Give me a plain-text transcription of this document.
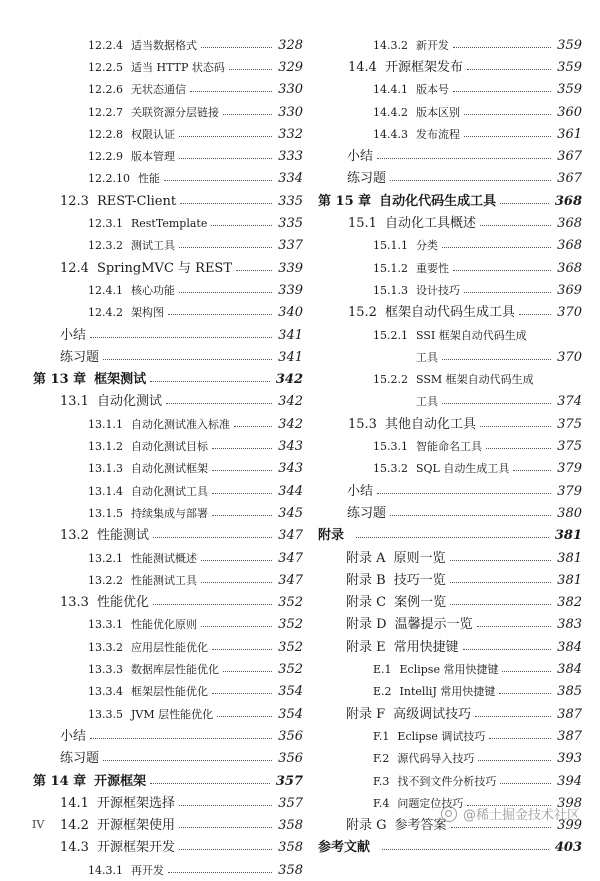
12.2.4 适当数据格式	328
12.2.5 适当 HTTP 状态码	329
12.2.6 无状态通信	330
12.2.7 关联资源分层链接	330
12.2.8 权限认证	332
12.2.9 版本管理	333
12.2.10 性能	334
12.3 REST-Client	335
12.3.1 RestTemplate	335
12.3.2 测试工具	337
12.4 SpringMVC 与 REST	339
12.4.1 核心功能	339
12.4.2 架构图	340
小结	341
练习题	341
第 13 章 框架测试	342
13.1 自动化测试	342
13.1.1 自动化测试准入标准	342
13.1.2 自动化测试目标	343
13.1.3 自动化测试框架	343
13.1.4 自动化测试工具	344
13.1.5 持续集成与部署	345
13.2 性能测试	347
13.2.1 性能测试概述	347
13.2.2 性能测试工具	347
13.3 性能优化	352
13.3.1 性能优化原则	352
13.3.2 应用层性能优化	352
13.3.3 数据库层性能优化	352
13.3.4 框架层性能优化	354
13.3.5 JVM 层性能优化	354
小结	356
练习题	356
第 14 章 开源框架	357
14.1 开源框架选择	357
14.2 开源框架使用	358
14.3 开源框架开发	358
14.3.1 再开发	358
14.3.2 新开发	359
14.4 开源框架发布	359
14.4.1 版本号	359
14.4.2 版本区别	360
14.4.3 发布流程	361
小结	367
练习题	367
第 15 章 自动化代码生成工具	368
15.1 自动化工具概述	368
15.1.1 分类	368
15.1.2 重要性	368
15.1.3 设计技巧	369
15.2 框架自动代码生成工具	370
15.2.1 SSI 框架自动代码生成
工具	370
15.2.2 SSM 框架自动代码生成
工具	374
15.3 其他自动化工具	375
15.3.1 智能命名工具	375
15.3.2 SQL 自动生成工具	379
小结	379
练习题	380
附录	381
附录 A 原则一览	381
附录 B 技巧一览	381
附录 C 案例一览	382
附录 D 温馨提示一览	383
附录 E 常用快捷键	384
E.1 Eclipse 常用快捷键	384
E.2 IntelliJ 常用快捷键	385
附录 F 高级调试技巧	387
F.1 Eclipse 调试技巧	387
F.2 源代码导入技巧	393
F.3 找不到文件分析技巧	394
F.4 问题定位技巧	398
附录 G 参考答案	399
参考文献	403
@稀土掘金技术社区
IV
